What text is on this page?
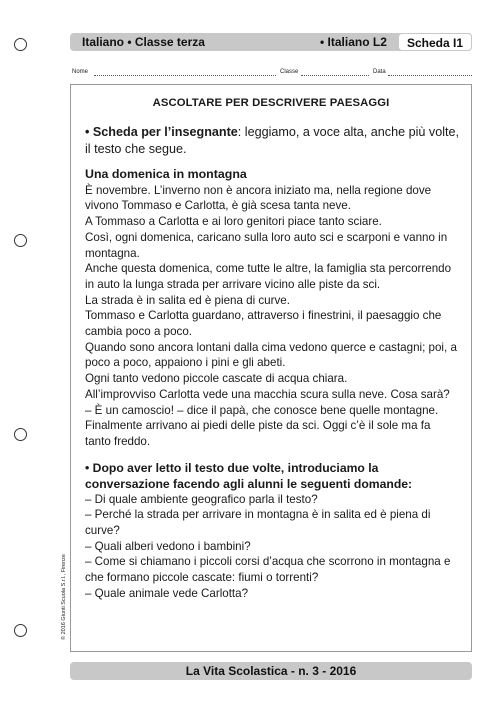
Italiano • Classe terza	• Italiano L2	Scheda I1
Nome	Classe	Data
ASCOLTARE PER DESCRIVERE PAESAGGI

• Scheda per l’insegnante: leggiamo, a voce alta, anche più volte, il testo che segue.

Una domenica in montagna

È novembre. L’inverno non è ancora iniziato ma, nella regione dove vivono Tommaso e Carlotta, è già scesa tanta neve.

A Tommaso a Carlotta e ai loro genitori piace tanto sciare.

Così, ogni domenica, caricano sulla loro auto sci e scarponi e vanno in montagna.

Anche questa domenica, come tutte le altre, la famiglia sta percorrendo in auto la lunga strada per arrivare vicino alle piste da sci.

La strada è in salita ed è piena di curve.

Tommaso e Carlotta guardano, attraverso i finestrini, il paesaggio che cambia poco a poco.

Quando sono ancora lontani dalla cima vedono querce e castagni; poi, a poco a poco, appaiono i pini e gli abeti.

Ogni tanto vedono piccole cascate di acqua chiara.

All’improvviso Carlotta vede una macchia scura sulla neve. Cosa sarà?

– È un camoscio! – dice il papà, che conosce bene quelle montagne.

Finalmente arrivano ai piedi delle piste da sci. Oggi c’è il sole ma fa tanto freddo.

• Dopo aver letto il testo due volte, introduciamo la conversazione facendo agli alunni le seguenti domande:

– Di quale ambiente geografico parla il testo?
– Perché la strada per arrivare in montagna è in salita ed è piena di curve?
– Quali alberi vedono i bambini?
– Come si chiamano i piccoli corsi d’acqua che scorrono in montagna e che formano piccole cascate: fiumi o torrenti?
– Quale animale vede Carlotta?
© 2016 Giunti Scuola S.r.l., Firenze
La Vita Scolastica - n. 3 - 2016
